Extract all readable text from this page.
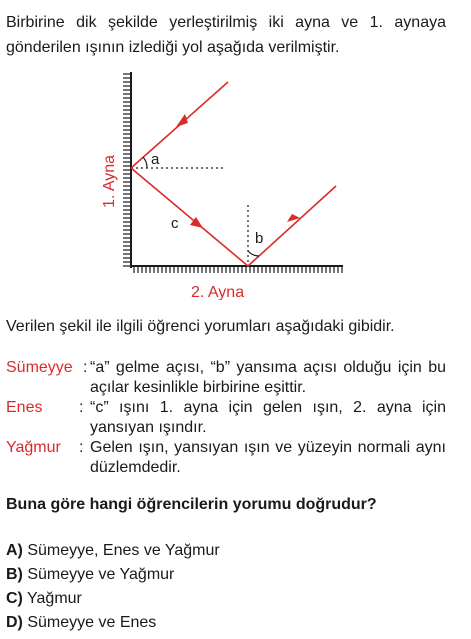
Birbirine dik şekilde yerleştirilmiş iki ayna ve 1. aynaya gönderilen ışının izlediği yol aşağıda verilmiştir.
a
b
c
1. Ayna
2. Ayna
Verilen şekil ile ilgili öğrenci yorumları aşağıdaki gibidir.
Sümeyye : “a” gelme açısı, “b” yansıma açısı olduğu için bu açılar kesinlikle birbirine eşittir.
Enes : “c” ışını 1. ayna için gelen ışın, 2. ayna için yansıyan ışındır.
Yağmur : Gelen ışın, yansıyan ışın ve yüzeyin normali aynı düzlemdedir.
Buna göre hangi öğrencilerin yorumu doğrudur?
A) Sümeyye, Enes ve Yağmur
B) Sümeyye ve Yağmur
C) Yağmur
D) Sümeyye ve Enes
